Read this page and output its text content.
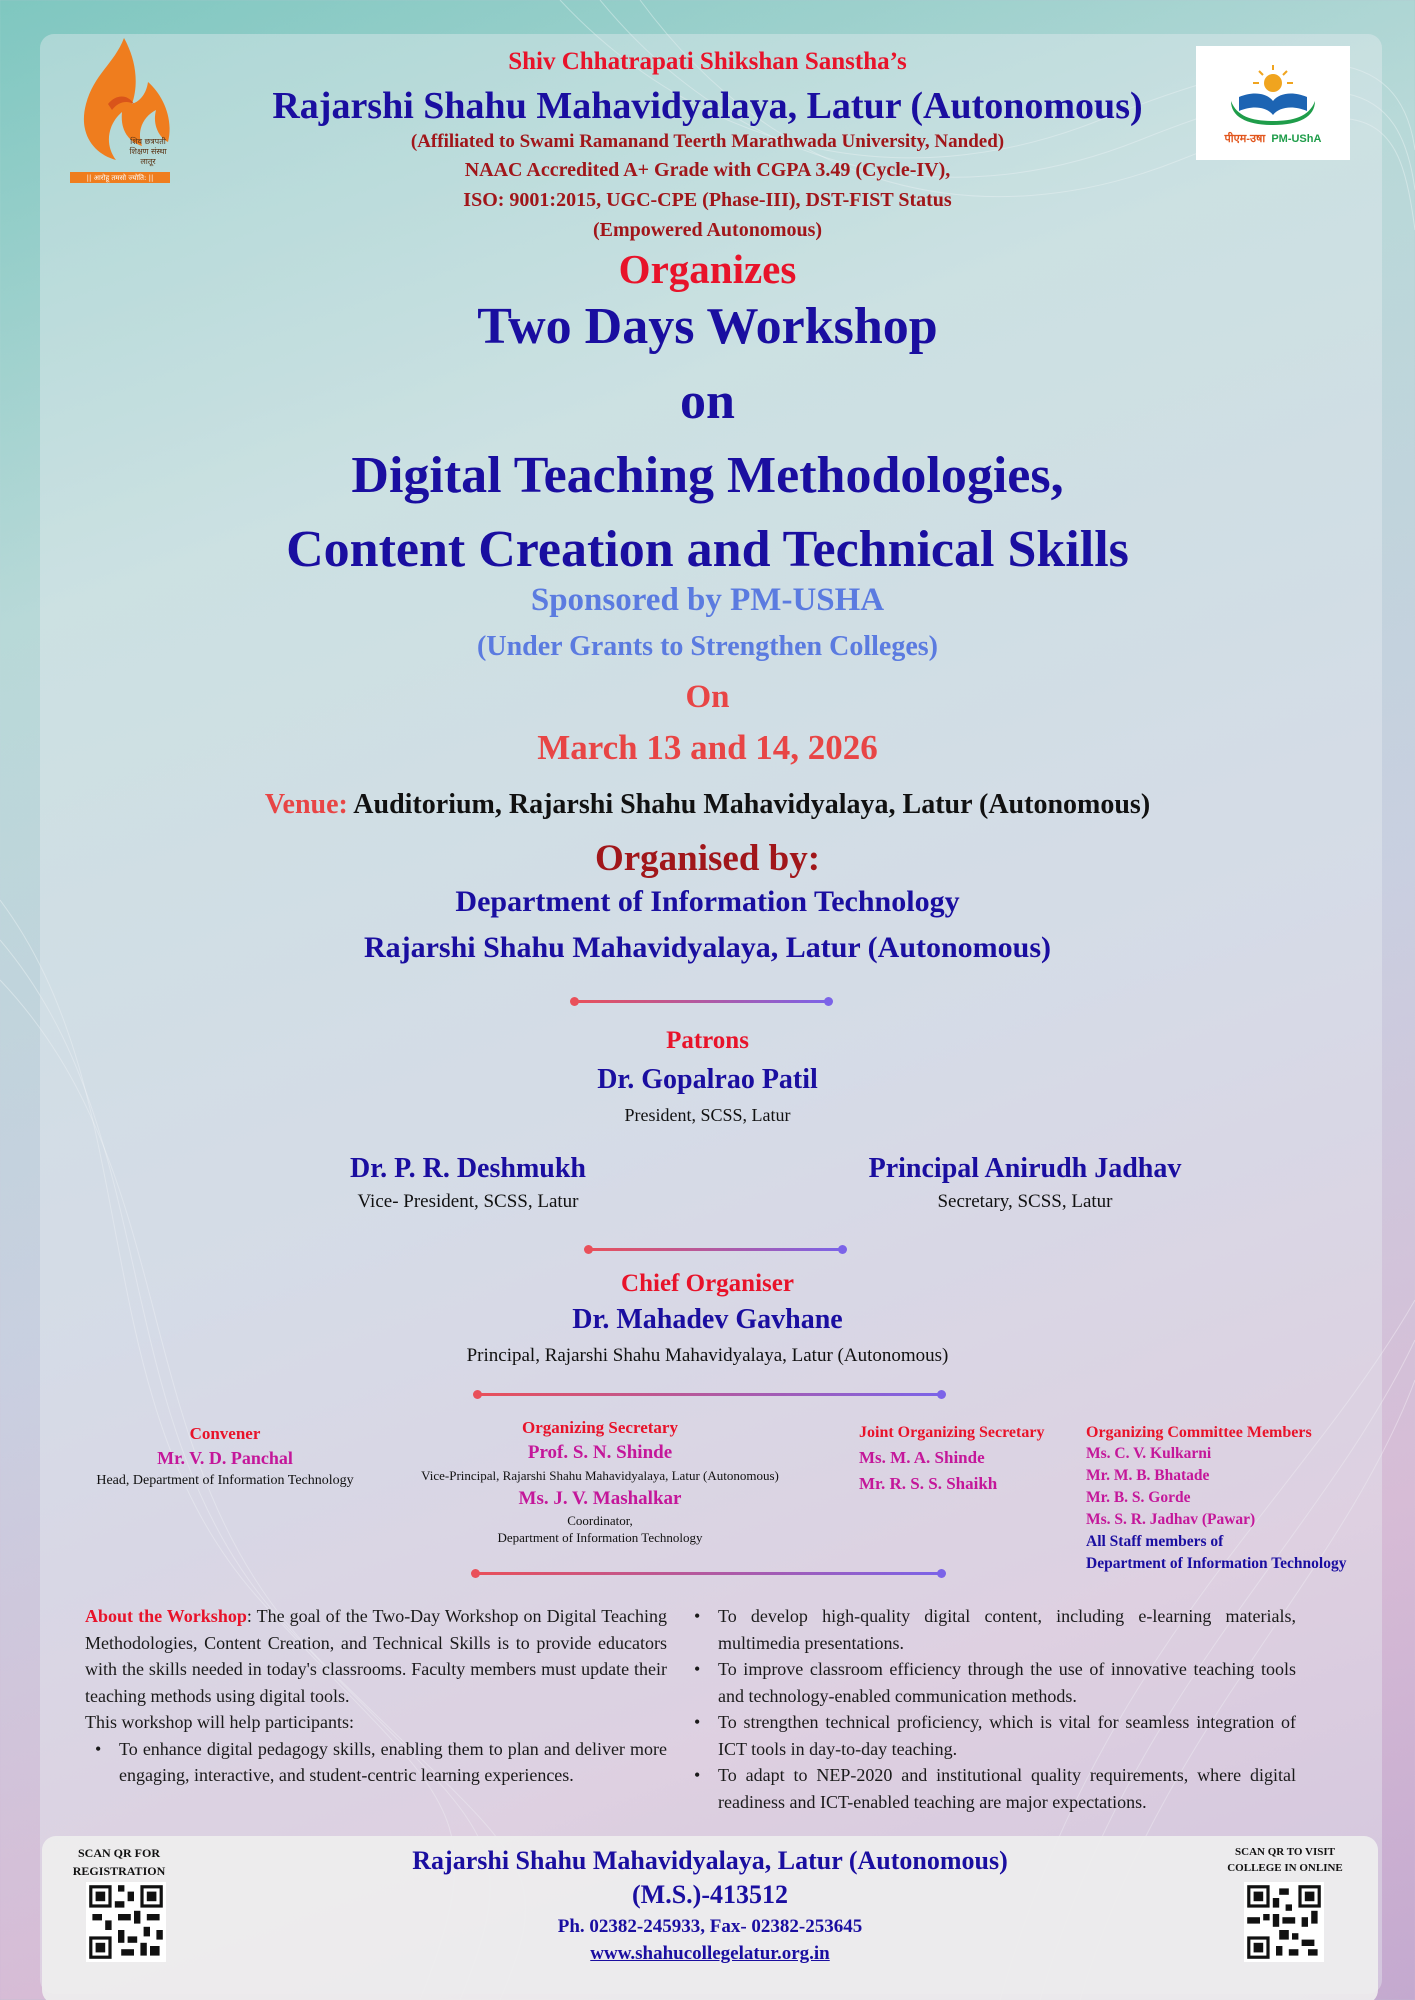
शिव छत्रपती
शिक्षण संस्था
लातूर
|| आरोहू तमसो ज्योति: ||
पीएम-उषा PM-UShA
Shiv Chhatrapati Shikshan Sanstha’s
Rajarshi Shahu Mahavidyalaya, Latur (Autonomous)
(Affiliated to Swami Ramanand Teerth Marathwada University, Nanded)
NAAC Accredited A+ Grade with CGPA 3.49 (Cycle-IV),
ISO: 9001:2015, UGC-CPE (Phase-III), DST-FIST Status
(Empowered Autonomous)
Organizes
Two Days Workshop
on
Digital Teaching Methodologies,
Content Creation and Technical Skills
Sponsored by PM-USHA
(Under Grants to Strengthen Colleges)
On
March 13 and 14, 2026
Venue: Auditorium, Rajarshi Shahu Mahavidyalaya, Latur (Autonomous)
Organised by:
Department of Information Technology
Rajarshi Shahu Mahavidyalaya, Latur (Autonomous)
Patrons
Dr. Gopalrao Patil
President, SCSS, Latur
Dr. P. R. Deshmukh
Vice- President, SCSS, Latur
Principal Anirudh Jadhav
Secretary, SCSS, Latur
Chief Organiser
Dr. Mahadev Gavhane
Principal, Rajarshi Shahu Mahavidyalaya, Latur (Autonomous)
Convener
Mr. V. D. Panchal
Head, Department of Information Technology
Organizing Secretary
Prof. S. N. Shinde
Vice-Principal, Rajarshi Shahu Mahavidyalaya, Latur (Autonomous)
Ms. J. V. Mashalkar
Coordinator,
Department of Information Technology
Joint Organizing Secretary
Ms. M. A. Shinde
Mr. R. S. S. Shaikh
Organizing Committee Members
Ms. C. V. Kulkarni
Mr. M. B. Bhatade
Mr. B. S. Gorde
Ms. S. R. Jadhav (Pawar)
All Staff members of
Department of Information Technology

About the Workshop: The goal of the Two-Day Workshop on Digital Teaching Methodologies, Content Creation, and Technical Skills is to provide educators with the skills needed in today's classrooms. Faculty members must update their teaching methods using digital tools.

This workshop will help participants:

• To enhance digital pedagogy skills, enabling them to plan and deliver more engaging, interactive, and student-centric learning experiences.
• To develop high-quality digital content, including e-learning materials, multimedia presentations.
• To improve classroom efficiency through the use of innovative teaching tools and technology-enabled communication methods.
• To strengthen technical proficiency, which is vital for seamless integration of ICT tools in day-to-day teaching.
• To adapt to NEP-2020 and institutional quality requirements, where digital readiness and ICT-enabled teaching are major expectations.
SCAN QR FOR
REGISTRATION	Rajarshi Shahu Mahavidyalaya, Latur (Autonomous)
(M.S.)-413512
Ph. 02382-245933, Fax- 02382-253645
www.shahucollegelatur.org.in
SCAN QR TO VISIT
COLLEGE IN ONLINE
